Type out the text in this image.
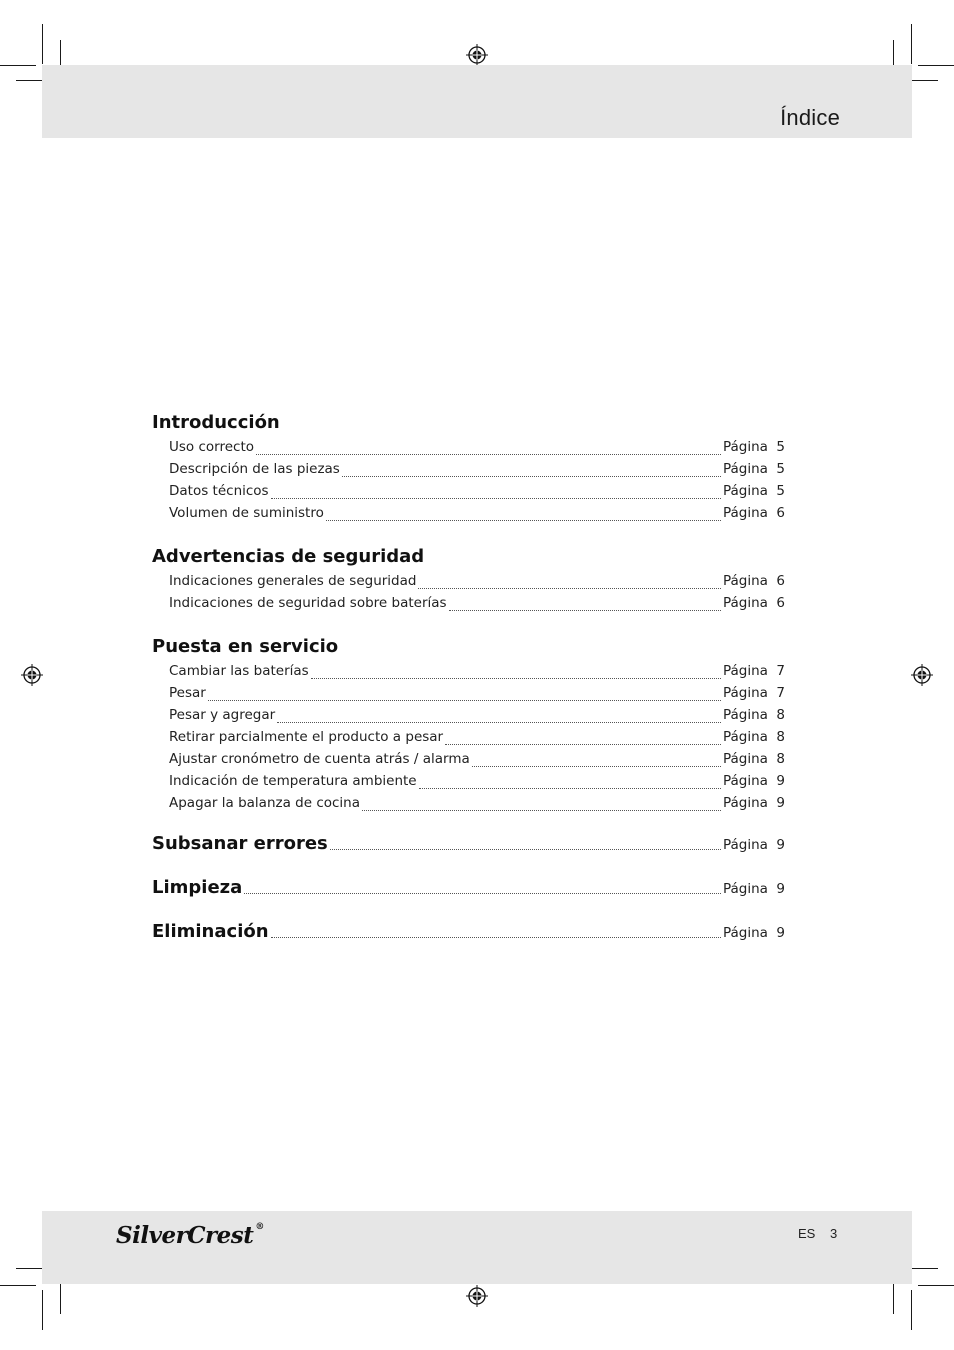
Índice
Introducción
Uso correcto	Página 5
Descripción de las piezas	Página 5
Datos técnicos	Página 5
Volumen de suministro	Página 6
Advertencias de seguridad
Indicaciones generales de seguridad	Página 6
Indicaciones de seguridad sobre baterías	Página 6
Puesta en servicio
Cambiar las baterías	Página 7
Pesar	Página 7
Pesar y agregar	Página 8
Retirar parcialmente el producto a pesar	Página 8
Ajustar cronómetro de cuenta atrás / alarma	Página 8
Indicación de temperatura ambiente	Página 9
Apagar la balanza de cocina	Página 9
Subsanar errores	Página 9
Limpieza	Página 9
Eliminación	Página 9
SilverCrest ®	ES 3
